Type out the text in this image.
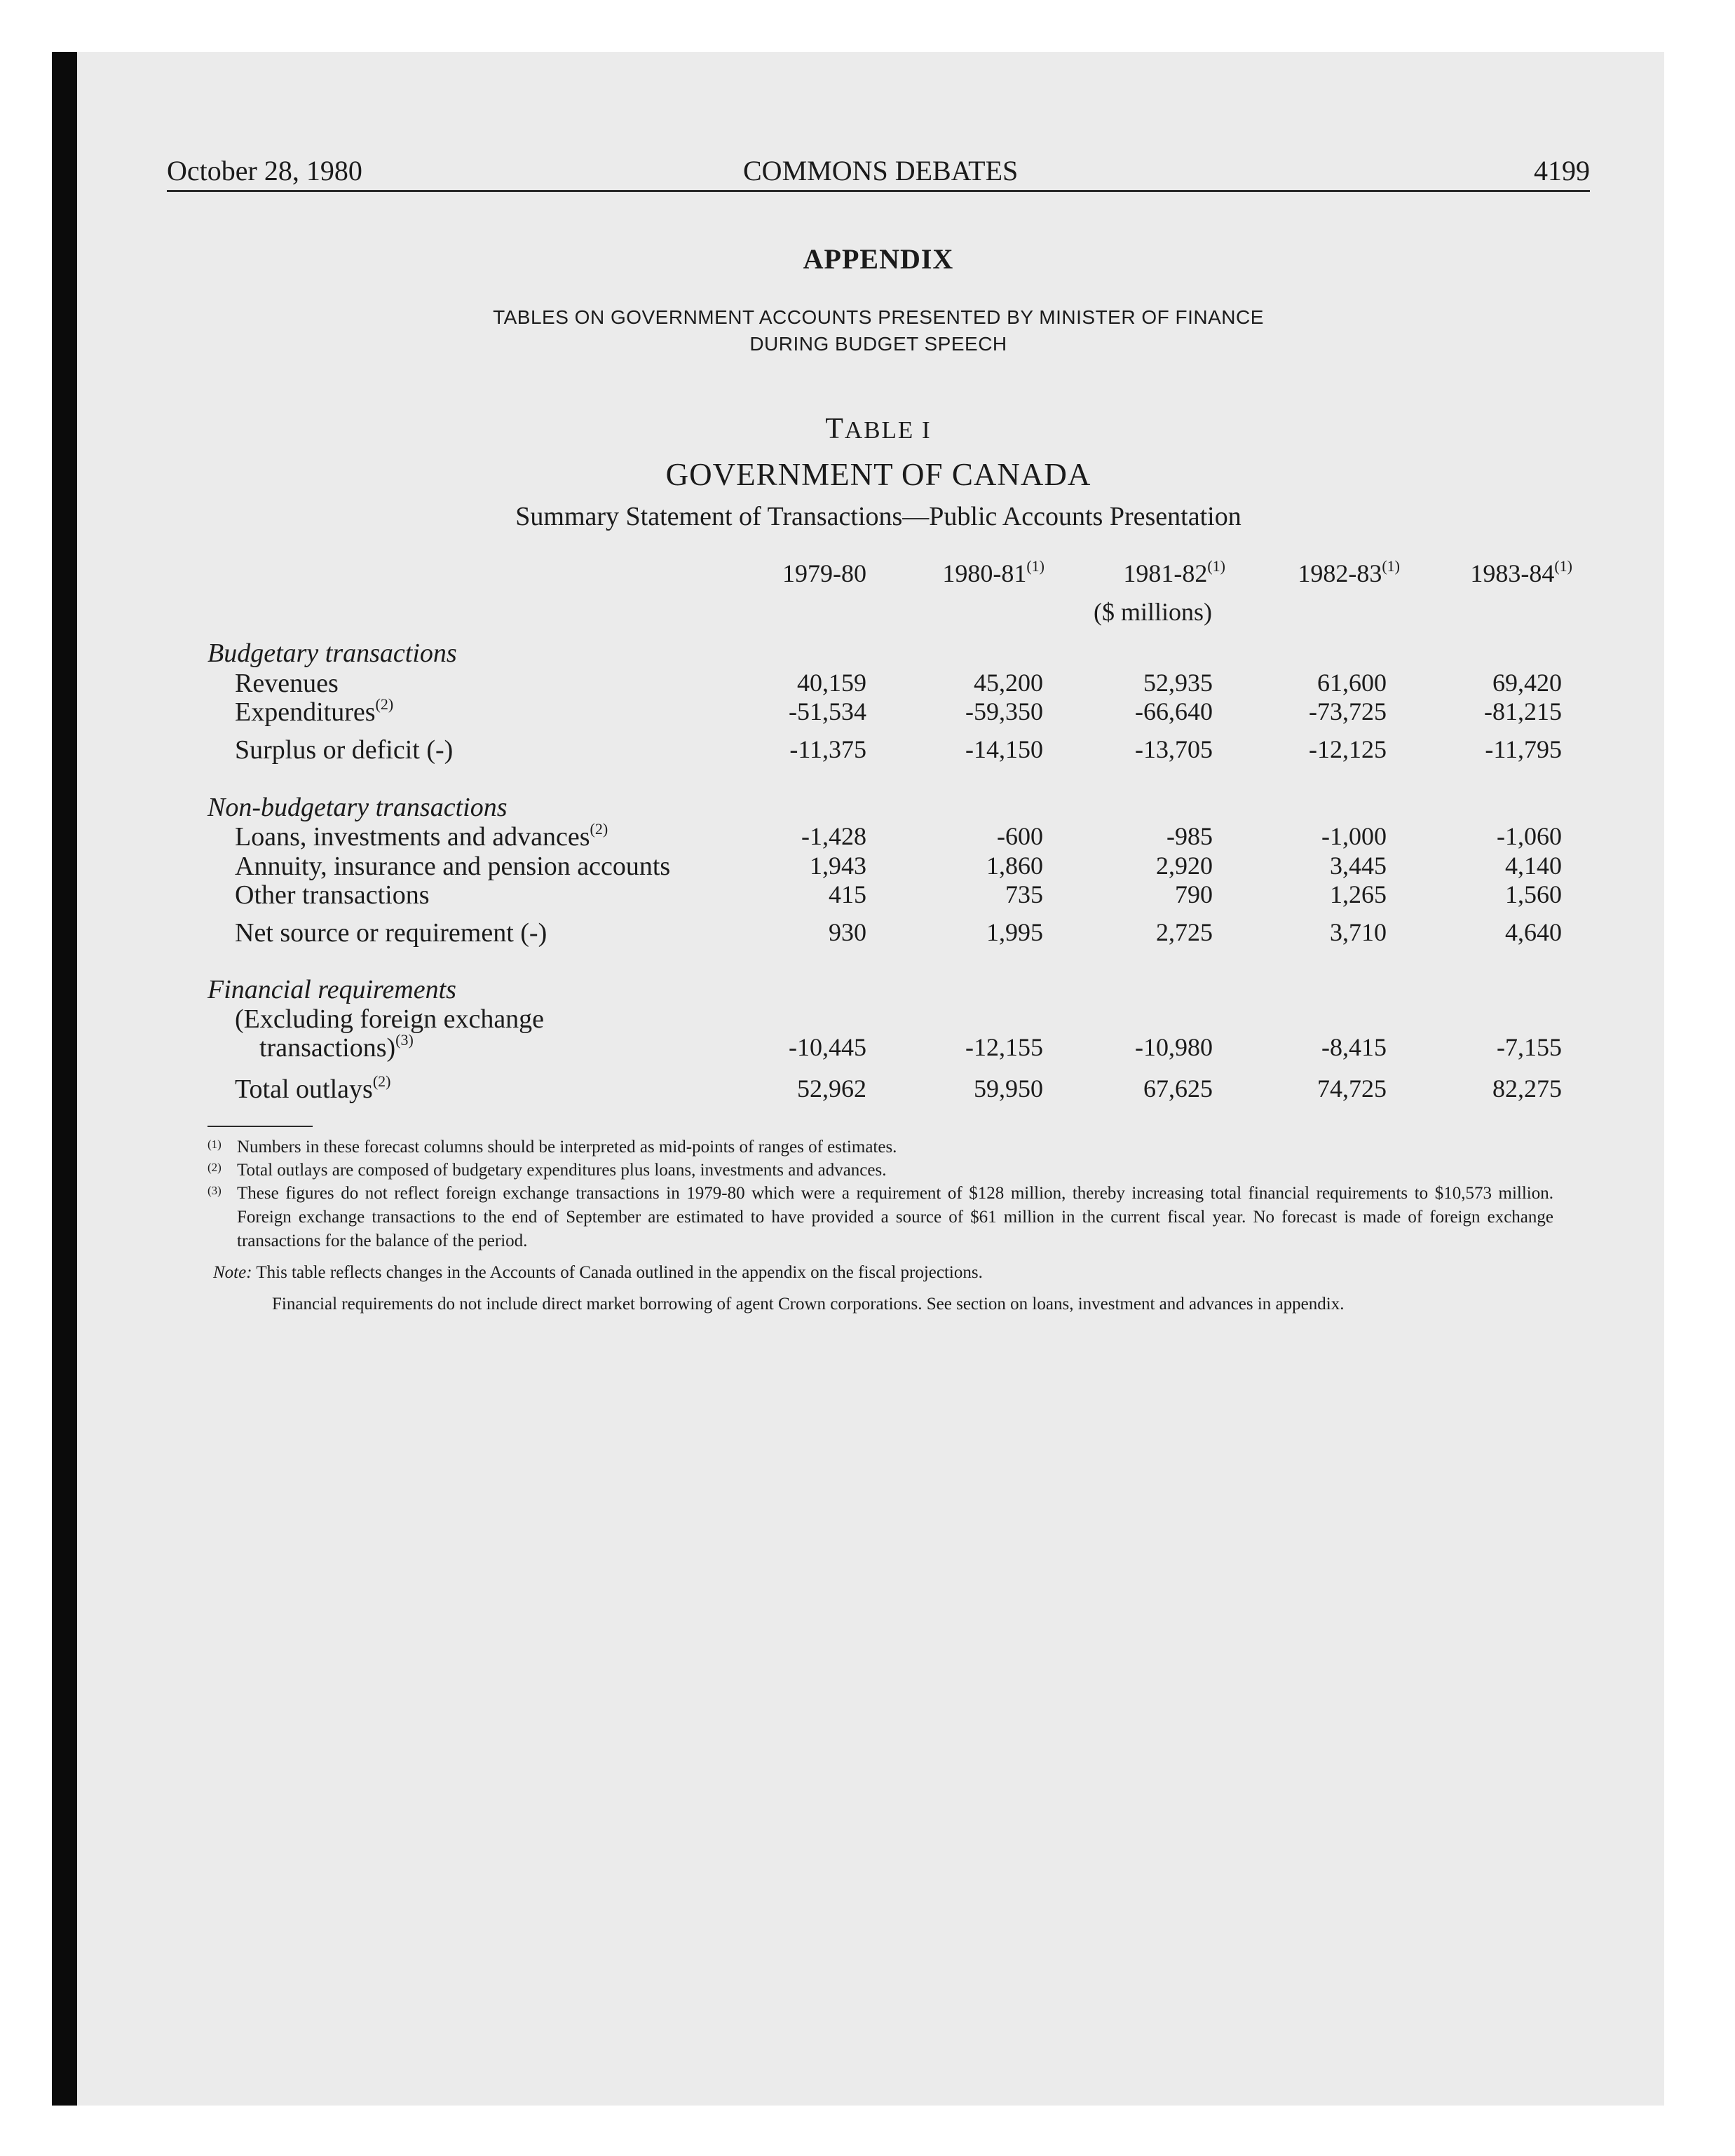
October 28, 1980	COMMONS DEBATES	4199
APPENDIX
TABLES ON GOVERNMENT ACCOUNTS PRESENTED BY MINISTER OF FINANCE
DURING BUDGET SPEECH
TABLE I
GOVERNMENT OF CANADA
Summary Statement of Transactions—Public Accounts Presentation
1979-80	1980-81$^{(1)}$	1981-82$^{(1)}$	1982-83$^{(1)}$	1983-84$^{(1)}$
($ millions)
Budgetary transactions
Revenues	40,159	45,200	52,935	61,600	69,420
Expenditures$^{(2)}$	-51,534	-59,350	-66,640	-73,725	-81,215
Surplus or deficit (-)	-11,375	-14,150	-13,705	-12,125	-11,795
Non-budgetary transactions
Loans, investments and advances$^{(2)}$	-1,428	-600	-985	-1,000	-1,060
Annuity, insurance and pension accounts	1,943	1,860	2,920	3,445	4,140
Other transactions	415	735	790	1,265	1,560
Net source or requirement (-)	930	1,995	2,725	3,710	4,640
Financial requirements
(Excluding foreign exchange
transactions)$^{(3)}$	-10,445	-12,155	-10,980	-8,415	-7,155
Total outlays$^{(2)}$	52,962	59,950	67,625	74,725	82,275
(1) Numbers in these forecast columns should be interpreted as mid-points of ranges of estimates.
(2) Total outlays are composed of budgetary expenditures plus loans, investments and advances.
(3) These figures do not reflect foreign exchange transactions in 1979-80 which were a requirement of $128 million, thereby increasing total financial requirements to $10,573 million. Foreign exchange transactions to the end of September are estimated to have provided a source of $61 million in the current fiscal year. No forecast is made of foreign exchange transactions for the balance of the period.
Note: This table reflects changes in the Accounts of Canada outlined in the appendix on the fiscal projections.
Financial requirements do not include direct market borrowing of agent Crown corporations. See section on loans, investment and advances in appendix.
